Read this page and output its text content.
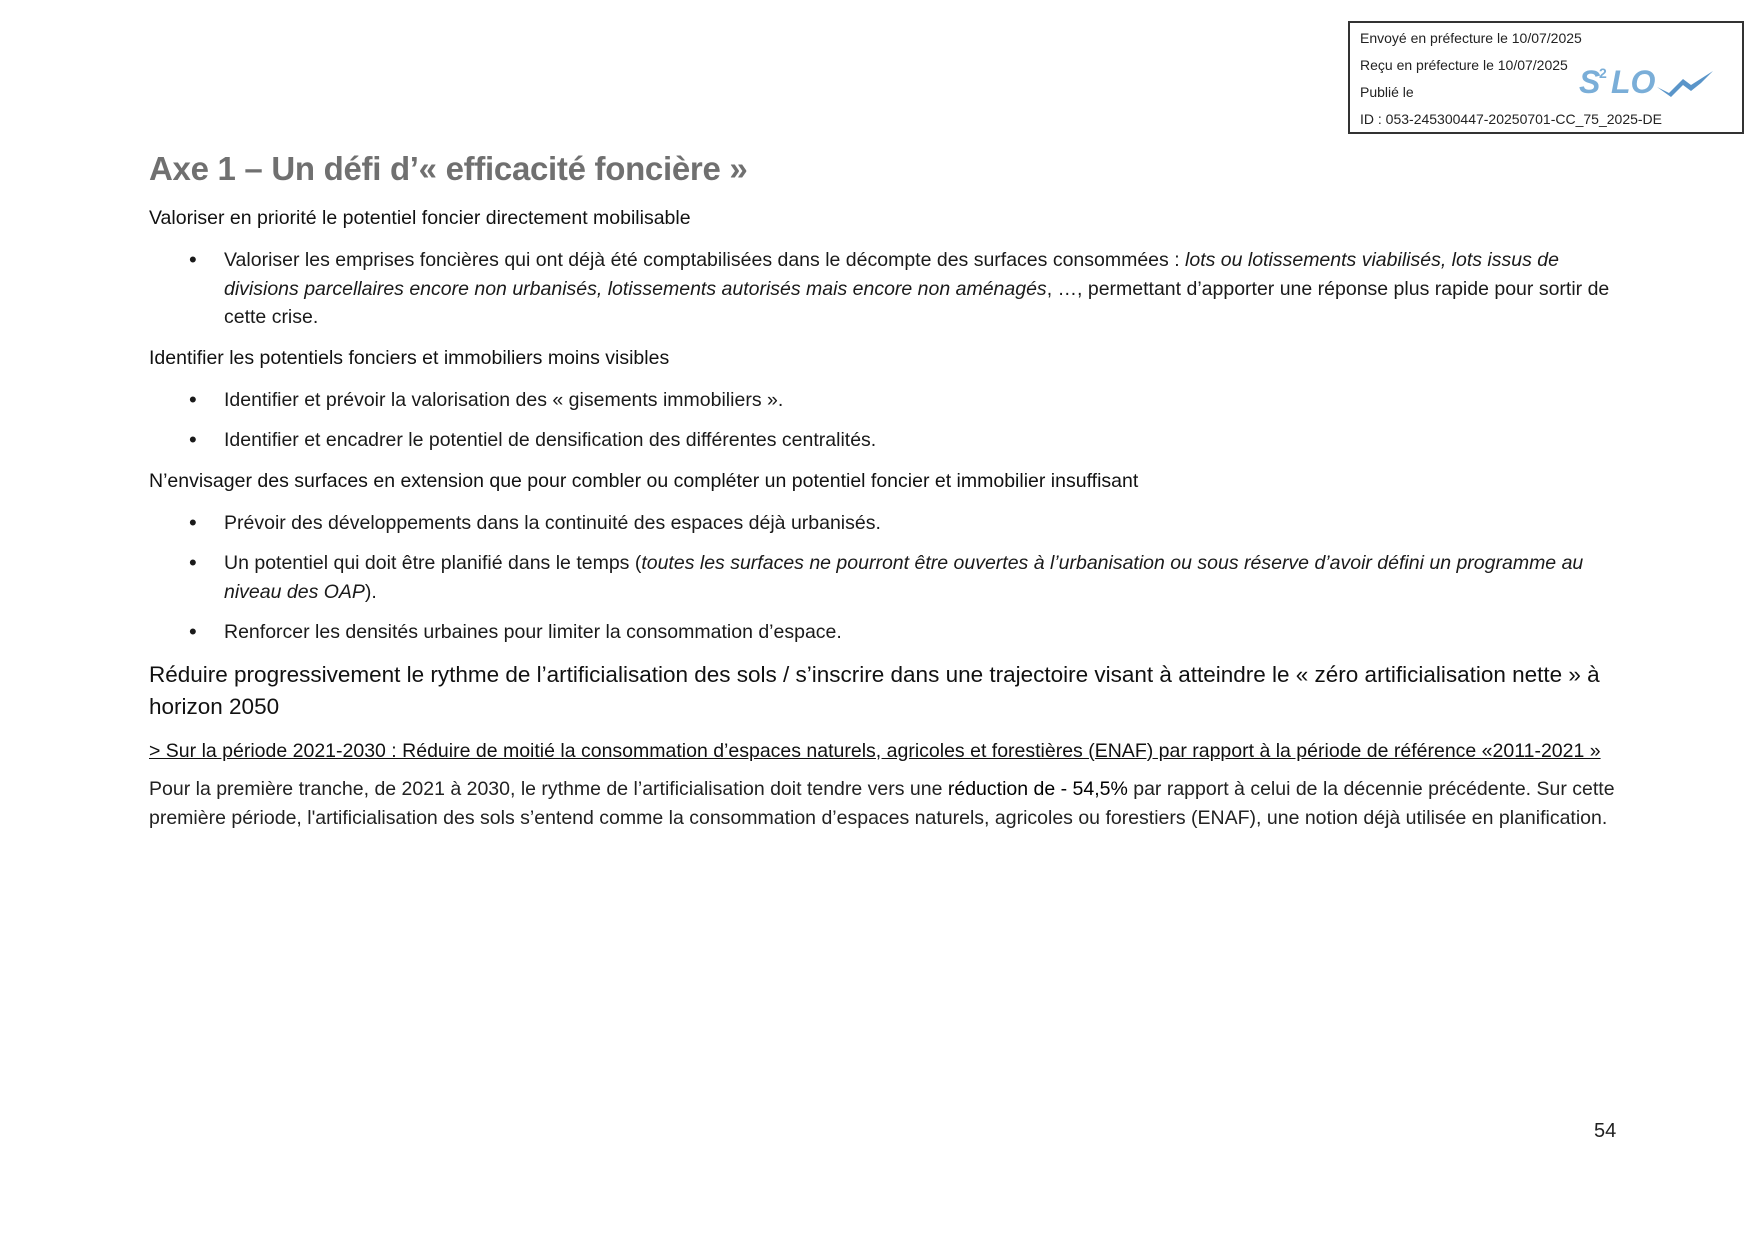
Envoyé en préfecture le 10/07/2025
Reçu en préfecture le 10/07/2025
Publié le
ID : 053-245300447-20250701-CC_75_2025-DE
S
2 LO
Axe 1 – Un défi d’« efficacité foncière »

Valoriser en priorité le potentiel foncier directement mobilisable

• Valoriser les emprises foncières qui ont déjà été comptabilisées dans le décompte des surfaces consommées : lots ou lotissements viabilisés, lots issus de divisions parcellaires encore non urbanisés, lotissements autorisés mais encore non aménagés, …, permettant d’apporter une réponse plus rapide pour sortir de cette crise.

Identifier les potentiels fonciers et immobiliers moins visibles

• Identifier et prévoir la valorisation des « gisements immobiliers ».
• Identifier et encadrer le potentiel de densification des différentes centralités.

N’envisager des surfaces en extension que pour combler ou compléter un potentiel foncier et immobilier insuffisant

• Prévoir des développements dans la continuité des espaces déjà urbanisés.
• Un potentiel qui doit être planifié dans le temps (toutes les surfaces ne pourront être ouvertes à l’urbanisation ou sous réserve d’avoir défini un programme au niveau des OAP).
• Renforcer les densités urbaines pour limiter la consommation d’espace.

Réduire progressivement le rythme de l’artificialisation des sols / s’inscrire dans une trajectoire visant à atteindre le « zéro artificialisation nette » à horizon 2050

> Sur la période 2021-2030 : Réduire de moitié la consommation d’espaces naturels, agricoles et forestières (ENAF) par rapport à la période de référence «2011-2021 »

Pour la première tranche, de 2021 à 2030, le rythme de l’artificialisation doit tendre vers une réduction de - 54,5% par rapport à celui de la décennie précédente. Sur cette première période, l'artificialisation des sols s’entend comme la consommation d’espaces naturels, agricoles ou forestiers (ENAF), une notion déjà utilisée en planification.

54
